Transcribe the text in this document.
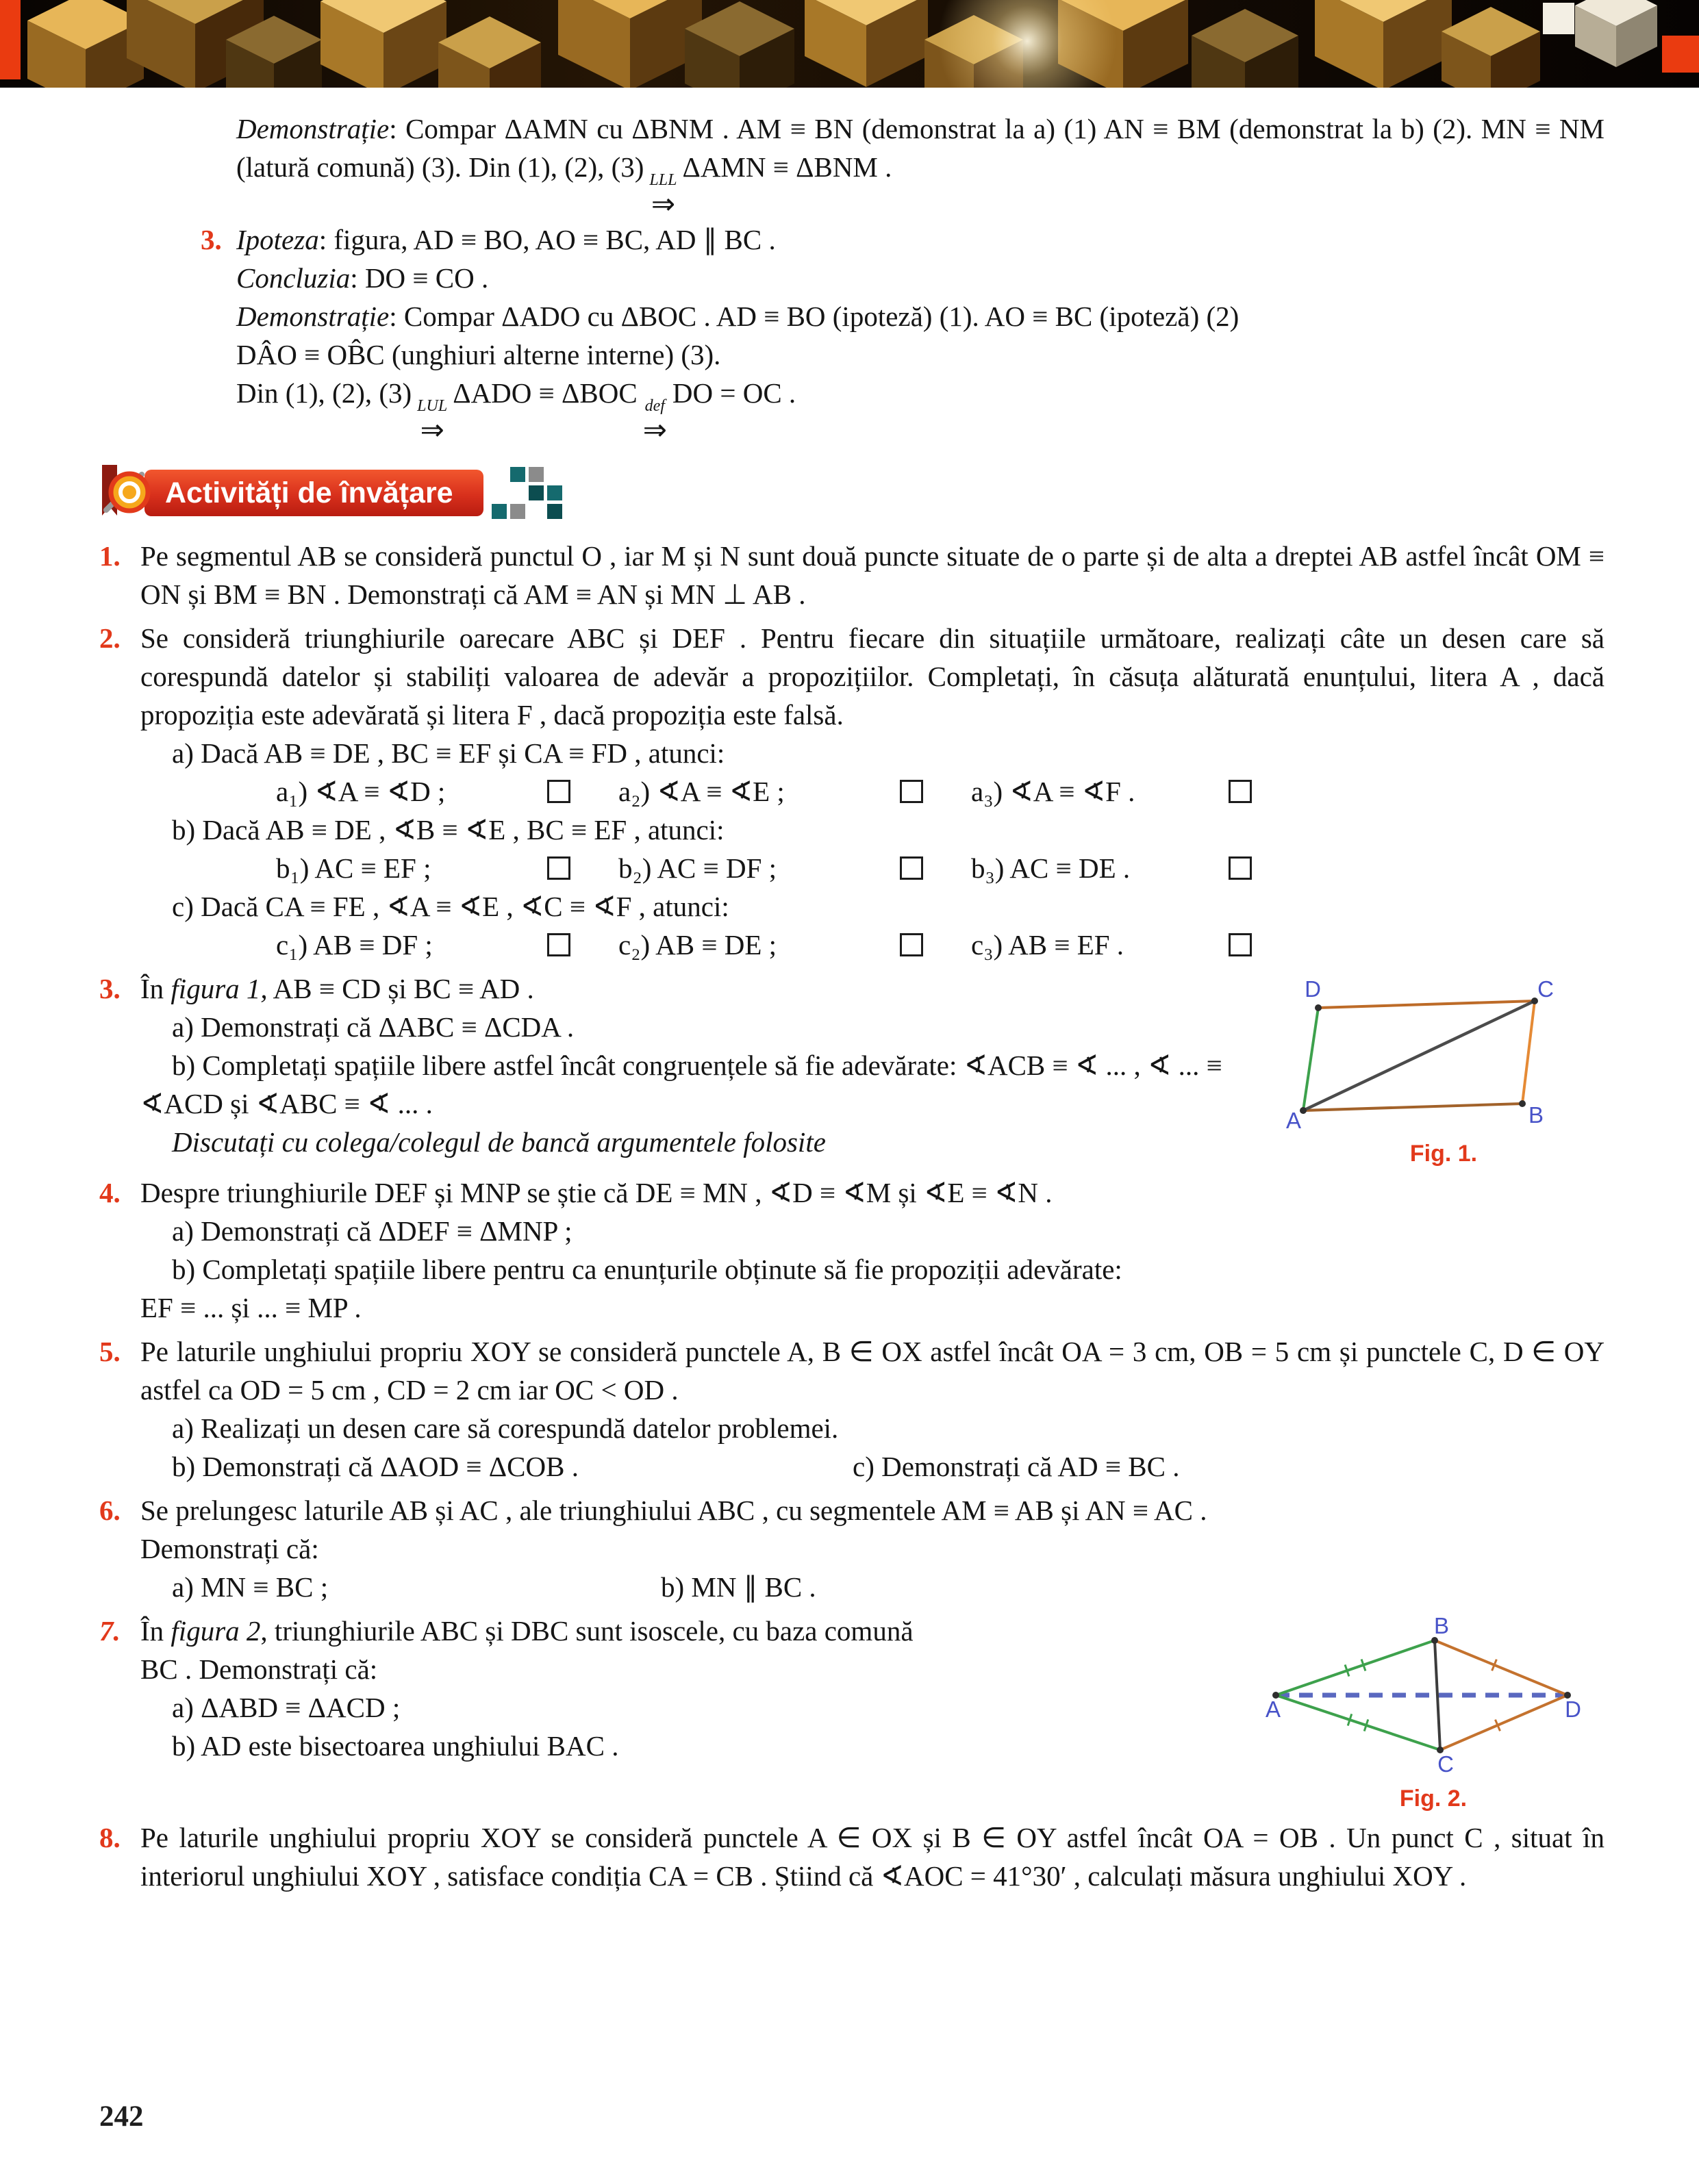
Demonstrație: Compar ΔAMN cu ΔBNM . AM ≡ BN (demonstrat la a) (1) AN ≡ BM (demonstrat la b) (2). MN ≡ NM (latură comună) (3). Din (1), (2), (3) LLL
⇒
ΔAMN ≡ ΔBNM .

3. Ipoteza: figura, AD ≡ BO, AO ≡ BC, AD ∥ BC .

Concluzia: DO ≡ CO .

Demonstrație: Compar ΔADO cu ΔBOC . AD ≡ BO (ipoteză) (1). AO ≡ BC (ipoteză) (2)

DÂO ≡ OB̂C (unghiuri alterne interne) (3).

Din (1), (2), (3) LUL
⇒
ΔADO ≡ ΔBOC def
⇒
DO = OC .

Activități de învățare
1. Pe segmentul AB se consideră punctul O , iar M și N sunt două puncte situate de o parte și de alta a dreptei AB astfel încât OM ≡ ON și BM ≡ BN . Demonstrați că AM ≡ AN și MN ⊥ AB .

2. Se consideră triunghiurile oarecare ABC și DEF . Pentru fiecare din situațiile următoare, realizați câte un desen care să corespundă datelor și stabiliți valoarea de adevăr a propozițiilor. Completați, în căsuța alăturată enunțului, litera A , dacă propoziția este adevărată și litera F , dacă propoziția este falsă.

a) Dacă AB ≡ DE , BC ≡ EF și CA ≡ FD , atunci:

a₁) ∢A ≡ ∢D ;	a₂) ∢A ≡ ∢E ;	a₃) ∢A ≡ ∢F .

b) Dacă AB ≡ DE , ∢B ≡ ∢E , BC ≡ EF , atunci:

b₁) AC ≡ EF ;	b₂) AC ≡ DF ;	b₃) AC ≡ DE .

c) Dacă CA ≡ FE , ∢A ≡ ∢E , ∢C ≡ ∢F , atunci:

c₁) AB ≡ DF ;	c₂) AB ≡ DE ;	c₃) AB ≡ EF .
3. În figura 1, AB ≡ CD și BC ≡ AD .

a) Demonstrați că ΔABC ≡ ΔCDA .

b) Completați spațiile libere astfel încât congruențele să fie adevărate: ∢ACB ≡ ∢ ... , ∢ ... ≡ ∢ACD și ∢ABC ≡ ∢ ... .

Discutați cu colega/colegul de bancă argumentele folosite

D	C
A	B
Fig. 1.
4. Despre triunghiurile DEF și MNP se știe că DE ≡ MN , ∢D ≡ ∢M și ∢E ≡ ∢N .

a) Demonstrați că ΔDEF ≡ ΔMNP ;

b) Completați spațiile libere pentru ca enunțurile obținute să fie propoziții adevărate:

EF ≡ ... și ... ≡ MP .

5. Pe laturile unghiului propriu XOY se consideră punctele A, B ∈ OX astfel încât OA = 3 cm, OB = 5 cm și punctele C, D ∈ OY astfel ca OD = 5 cm , CD = 2 cm iar OC < OD .

a) Realizați un desen care să corespundă datelor problemei.

b) Demonstrați că ΔAOD ≡ ΔCOB .	c) Demonstrați că AD ≡ BC .
6. Se prelungesc laturile AB și AC , ale triunghiului ABC , cu segmentele AM ≡ AB și AN ≡ AC .

Demonstrați că:

a) MN ≡ BC ;	b) MN ∥ BC .
7. În figura 2, triunghiurile ABC și DBC sunt isoscele, cu baza comună

BC . Demonstrați că:

a) ΔABD ≡ ΔACD ;

b) AD este bisectoarea unghiului BAC .

A
B
C
D
Fig. 2.
8. Pe laturile unghiului propriu XOY se consideră punctele A ∈ OX și B ∈ OY astfel încât OA = OB . Un punct C , situat în interiorul unghiului XOY , satisface condiția CA = CB . Știind că ∢AOC = 41°30′ , calculați măsura unghiului XOY .

242
